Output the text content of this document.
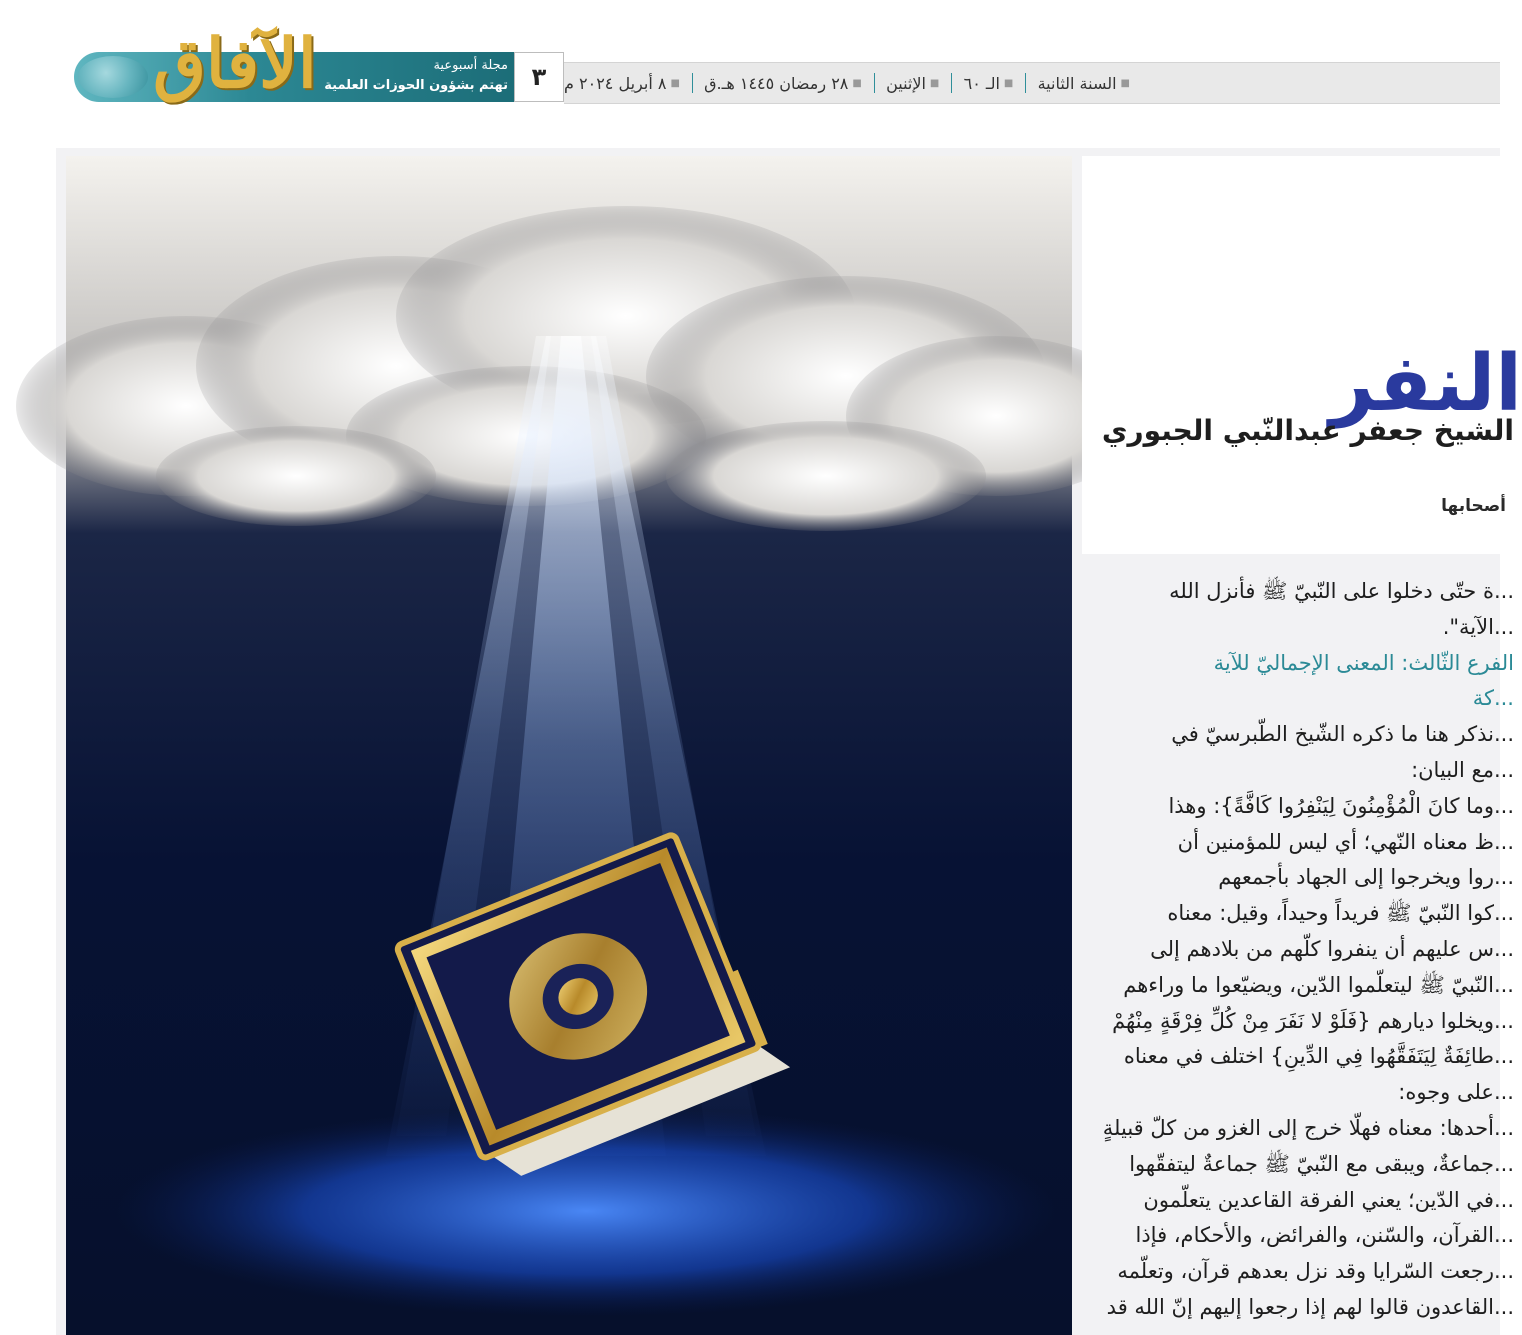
■
السنة الثانية
■
الـ ٦٠
■
الإثنين
■
٢٨ رمضان ١٤٤٥ هـ.ق
■
٨ أبريل ٢٠٢٤ م
٣
الآفاق	مجلة أسبوعية
تهتم بشؤون الحوزات العلمية
النفر
الشيخ جعفر عبدالنّبي الجبوري
أصحابها
...ة حتّى دخلوا على النّبيّ ﷺ فأنزل الله
...الآية".
الفرع الثّالث: المعنى الإجماليّ للآية
...كة
...نذكر هنا ما ذكره الشّيخ الطّبرسيّ في
...مع البيان:
...وما كانَ الْمُؤْمِنُونَ لِيَنْفِرُوا كَافَّةً}: وهذا
...ظ معناه النّهي؛ أي ليس للمؤمنين أن
...روا ويخرجوا إلى الجهاد بأجمعهم
...كوا النّبيّ ﷺ فريداً وحيداً، وقيل: معناه
...س عليهم أن ينفروا كلّهم من بلادهم إلى
...النّبيّ ﷺ ليتعلّموا الدّين، ويضيّعوا ما وراءهم
...ويخلوا ديارهم {فَلَوْ لا نَفَرَ مِنْ كُلِّ فِرْقَةٍ مِنْهُمْ
...طائِفَةٌ لِيَتَفَقَّهُوا فِي الدِّينِ} اختلف في معناه
...على وجوه:
...أحدها: معناه فهلّا خرج إلى الغزو من كلّ قبيلةٍ
...جماعةٌ، ويبقى مع النّبيّ ﷺ جماعةٌ ليتفقّهوا
...في الدّين؛ يعني الفرقة القاعدين يتعلّمون
...القرآن، والسّنن، والفرائض، والأحكام، فإذا
...رجعت السّرايا وقد نزل بعدهم قرآن، وتعلّمه
...القاعدون قالوا لهم إذا رجعوا إليهم إنّ الله قد
